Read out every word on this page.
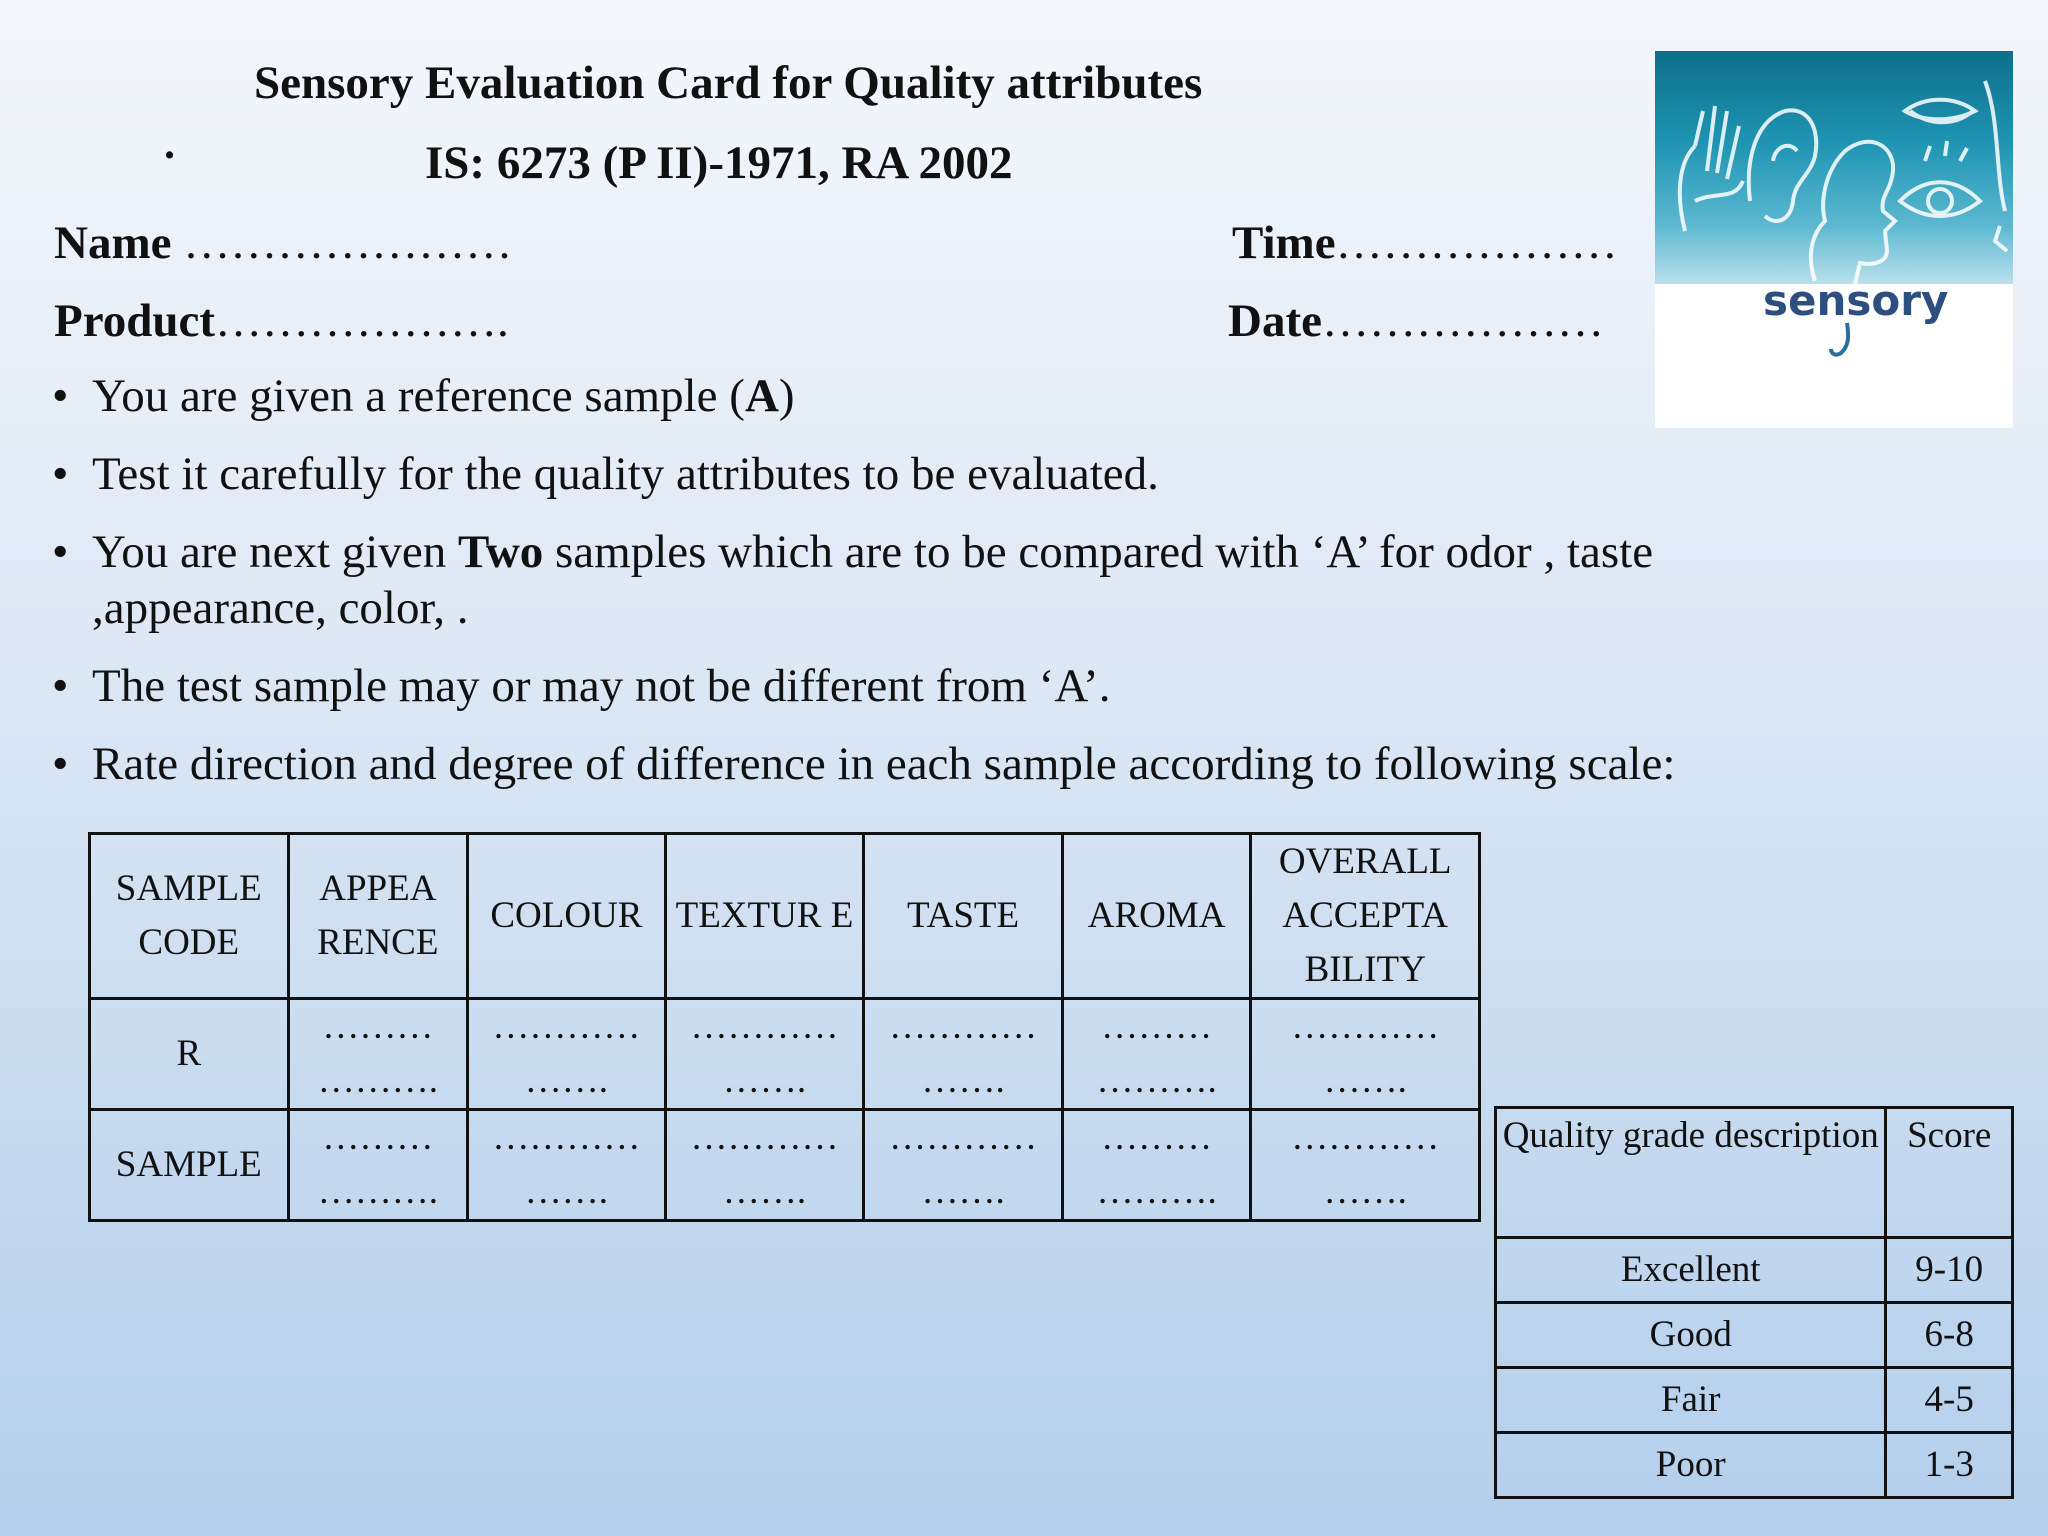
Sensory Evaluation Card for Quality attributes
.	IS: 6273 (P II)-1971, RA 2002
Name …………………
Product……………….
Time………………
Date………………	sensory
• You are given a reference sample (A)
• Test it carefully for the quality attributes to be evaluated.
• You are next given Two samples which are to be compared with ‘A’ for odor , taste ,appearance, color, .
• The test sample may or may not be different from ‘A’.
• Rate direction and degree of difference in each sample according to following scale:
SAMPLE CODE	APPEA RENCE	COLOUR	TEXTUR E	TASTE	AROMA	OVERALL ACCEPTA BILITY
R	……… ……….	………… …….	………… …….	………… …….	……… ……….	………… …….
SAMPLE	……… ……….	………… …….	………… …….	………… …….	……… ……….	………… …….
Quality grade description	Score
Excellent	9-10
Good	6-8
Fair	4-5
Poor	1-3
